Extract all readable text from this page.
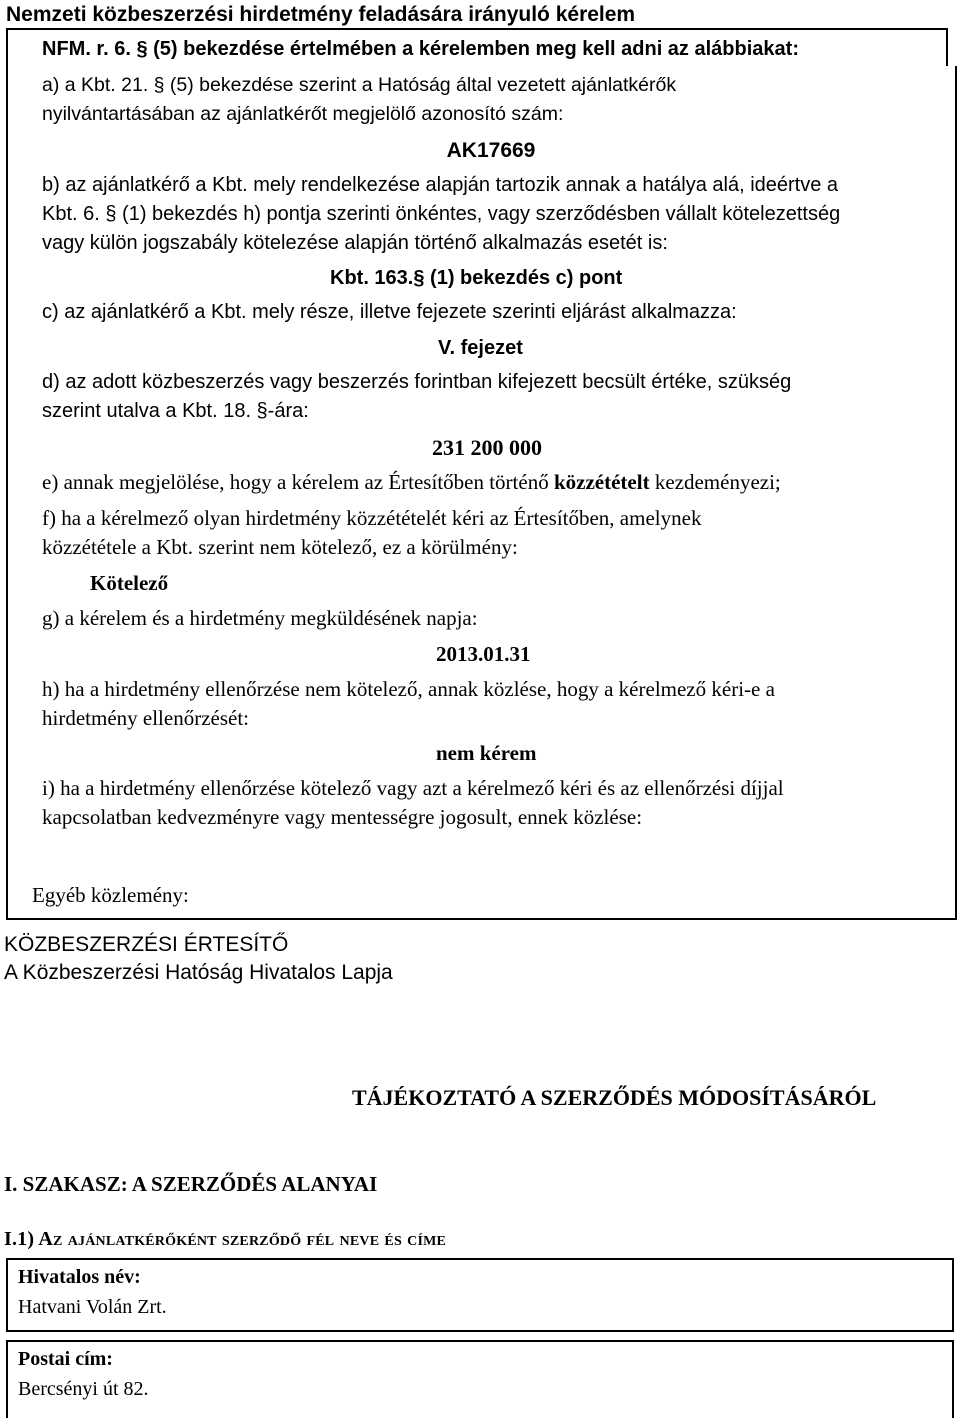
Nemzeti közbeszerzési hirdetmény feladására irányuló kérelem
NFM. r. 6. § (5) bekezdése értelmében a kérelemben meg kell adni az alábbiakat:
a) a Kbt. 21. § (5) bekezdése szerint a Hatóság által vezetett ajánlatkérők
nyilvántartásában az ajánlatkérőt megjelölő azonosító szám:
AK17669
b) az ajánlatkérő a Kbt. mely rendelkezése alapján tartozik annak a hatálya alá, ideértve a
Kbt. 6. § (1) bekezdés h) pontja szerinti önkéntes, vagy szerződésben vállalt kötelezettség
vagy külön jogszabály kötelezése alapján történő alkalmazás esetét is:
Kbt. 163.§ (1) bekezdés c) pont
c) az ajánlatkérő a Kbt. mely része, illetve fejezete szerinti eljárást alkalmazza:
V. fejezet
d) az adott közbeszerzés vagy beszerzés forintban kifejezett becsült értéke, szükség
szerint utalva a Kbt. 18. §-ára:
231 200 000
e) annak megjelölése, hogy a kérelem az Értesítőben történő közzétételt kezdeményezi;
f) ha a kérelmező olyan hirdetmény közzétételét kéri az Értesítőben, amelynek
közzététele a Kbt. szerint nem kötelező, ez a körülmény:
Kötelező
g) a kérelem és a hirdetmény megküldésének napja:
2013.01.31
h) ha a hirdetmény ellenőrzése nem kötelező, annak közlése, hogy a kérelmező kéri-e a
hirdetmény ellenőrzését:
nem kérem
i) ha a hirdetmény ellenőrzése kötelező vagy azt a kérelmező kéri és az ellenőrzési díjjal
kapcsolatban kedvezményre vagy mentességre jogosult, ennek közlése:
Egyéb közlemény:
KÖZBESZERZÉSI ÉRTESÍTŐ
A Közbeszerzési Hatóság Hivatalos Lapja
TÁJÉKOZTATÓ A SZERZŐDÉS MÓDOSÍTÁSÁRÓL
I. SZAKASZ: A SZERZŐDÉS ALANYAI
I.1) Az ajánlatkérőként szerződő fél neve és címe
Hivatalos név:
Hatvani Volán Zrt.
Postai cím:
Bercsényi út 82.
